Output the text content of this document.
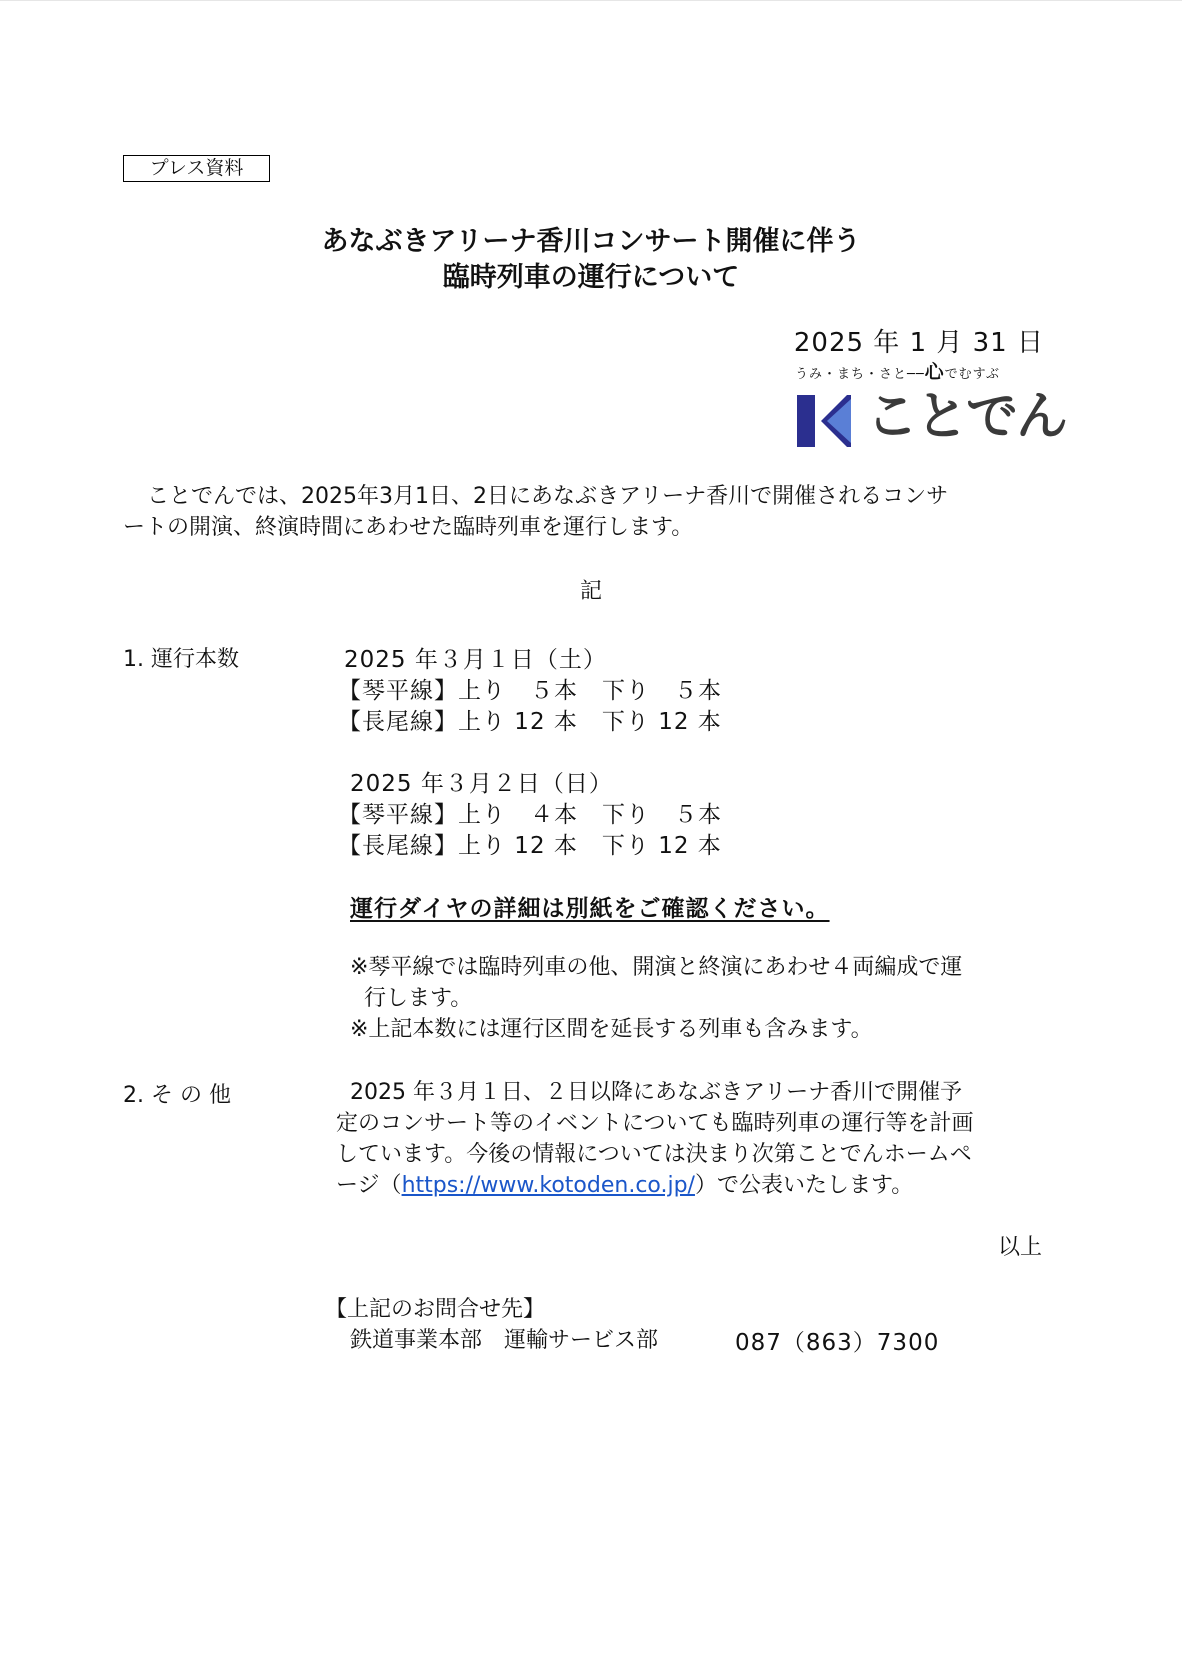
プレス資料
あなぶきアリーナ香川コンサート開催に伴う
臨時列車の運行について
2025 年 1 月 31 日
うみ・まち・さと──心でむすぶ
ことでん
ことでんでは、2025年3月1日、2日にあなぶきアリーナ香川で開催されるコンサ
ートの開演、終演時間にあわせた臨時列車を運行します。
記
1. 運行本数	2025 年３月１日（土）
【琴平線】上り　５本　下り　５本
【長尾線】上り 12 本　下り 12 本
2025 年３月２日（日）
【琴平線】上り　４本　下り　５本
【長尾線】上り 12 本　下り 12 本
運行ダイヤの詳細は別紙をご確認ください。
※琴平線では臨時列車の他、開演と終演にあわせ４両編成で運
行します。
※上記本数には運行区間を延長する列車も含みます。
2. そ の 他	2025 年３月１日、２日以降にあなぶきアリーナ香川で開催予
定のコンサート等のイベントについても臨時列車の運行等を計画
しています。今後の情報については決まり次第ことでんホームペ
ージ（https://www.kotoden.co.jp/）で公表いたします。
以上
【上記のお問合せ先】
鉄道事業本部　運輸サービス部	087（863）7300
